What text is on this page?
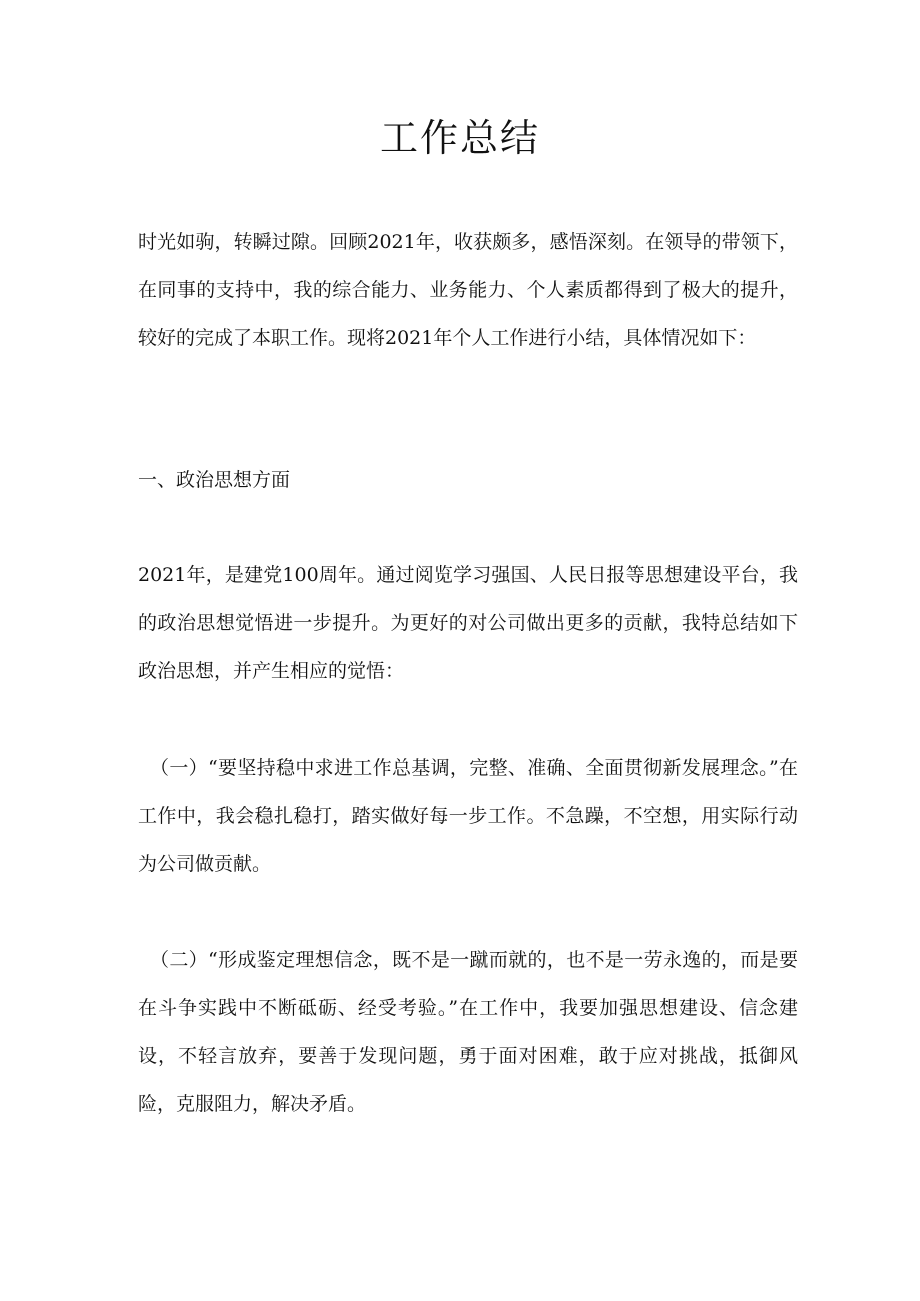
工作总结

时光如驹，转瞬过隙。回顾2021年，收获颇多，感悟深刻。在领导的带领下，在同事的支持中，我的综合能力、业务能力、个人素质都得到了极大的提升，较好的完成了本职工作。现将2021年个人工作进行小结，具体情况如下：

一、政治思想方面

2021年，是建党100周年。通过阅览学习强国、人民日报等思想建设平台，我的政治思想觉悟进一步提升。为更好的对公司做出更多的贡献，我特总结如下政治思想，并产生相应的觉悟：

（一）“要坚持稳中求进工作总基调，完整、准确、全面贯彻新发展理念。”在工作中，我会稳扎稳打，踏实做好每一步工作。不急躁，不空想，用实际行动为公司做贡献。

（二）“形成鉴定理想信念，既不是一蹴而就的，也不是一劳永逸的，而是要在斗争实践中不断砥砺、经受考验。”在工作中，我要加强思想建设、信念建设，不轻言放弃，要善于发现问题，勇于面对困难，敢于应对挑战，抵御风险，克服阻力，解决矛盾。
